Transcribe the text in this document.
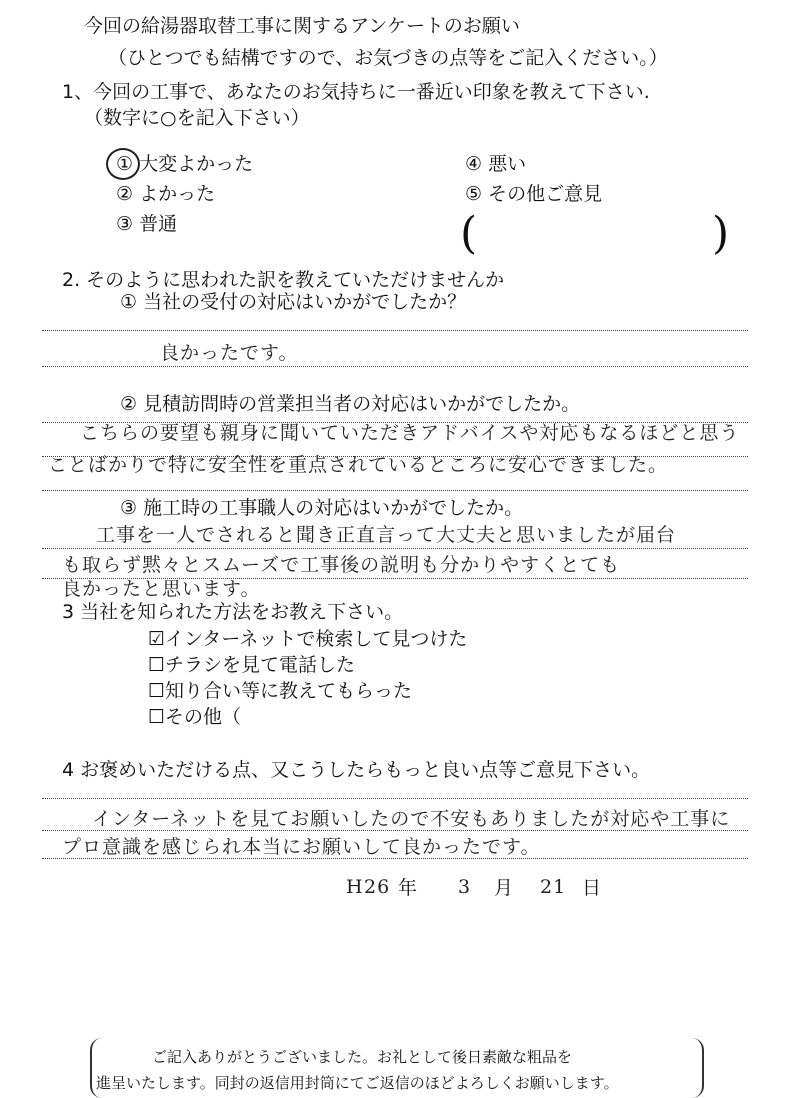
今回の給湯器取替工事に関するアンケートのお願い
（ひとつでも結構ですので、お気づきの点等をご記入ください。）
1、今回の工事で、あなたのお気持ちに一番近い印象を教えて下さい.
（数字に○を記入下さい）
① 大変よかった
② よかった
③ 普通
④ 悪い
⑤ その他ご意見
(	)
2. そのように思われた訳を教えていただけませんか
① 当社の受付の対応はいかがでしたか？
良かったです。
② 見積訪問時の営業担当者の対応はいかがでしたか。
こちらの要望も親身に聞いていただきアドバイスや対応もなるほどと思う
ことばかりで特に安全性を重点されているところに安心できました。
③ 施工時の工事職人の対応はいかがでしたか。
工事を一人でされると聞き正直言って大丈夫と思いましたが届台
も取らず黙々とスムーズで工事後の説明も分かりやすくとても
良かったと思います。
3 当社を知られた方法をお教え下さい。
☑インターネットで検索して見つけた
☐チラシを見て電話した
☐知り合い等に教えてもらった
☐その他（
4 お褒めいただける点、又こうしたらもっと良い点等ご意見下さい。
インターネットを見てお願いしたので不安もありましたが対応や工事に
プロ意識を感じられ本当にお願いして良かったです。
H 26 年 3 月 21 日
ご記入ありがとうございました。お礼として後日素敵な粗品を
進呈いたします。同封の返信用封筒にてご返信のほどよろしくお願いします。
